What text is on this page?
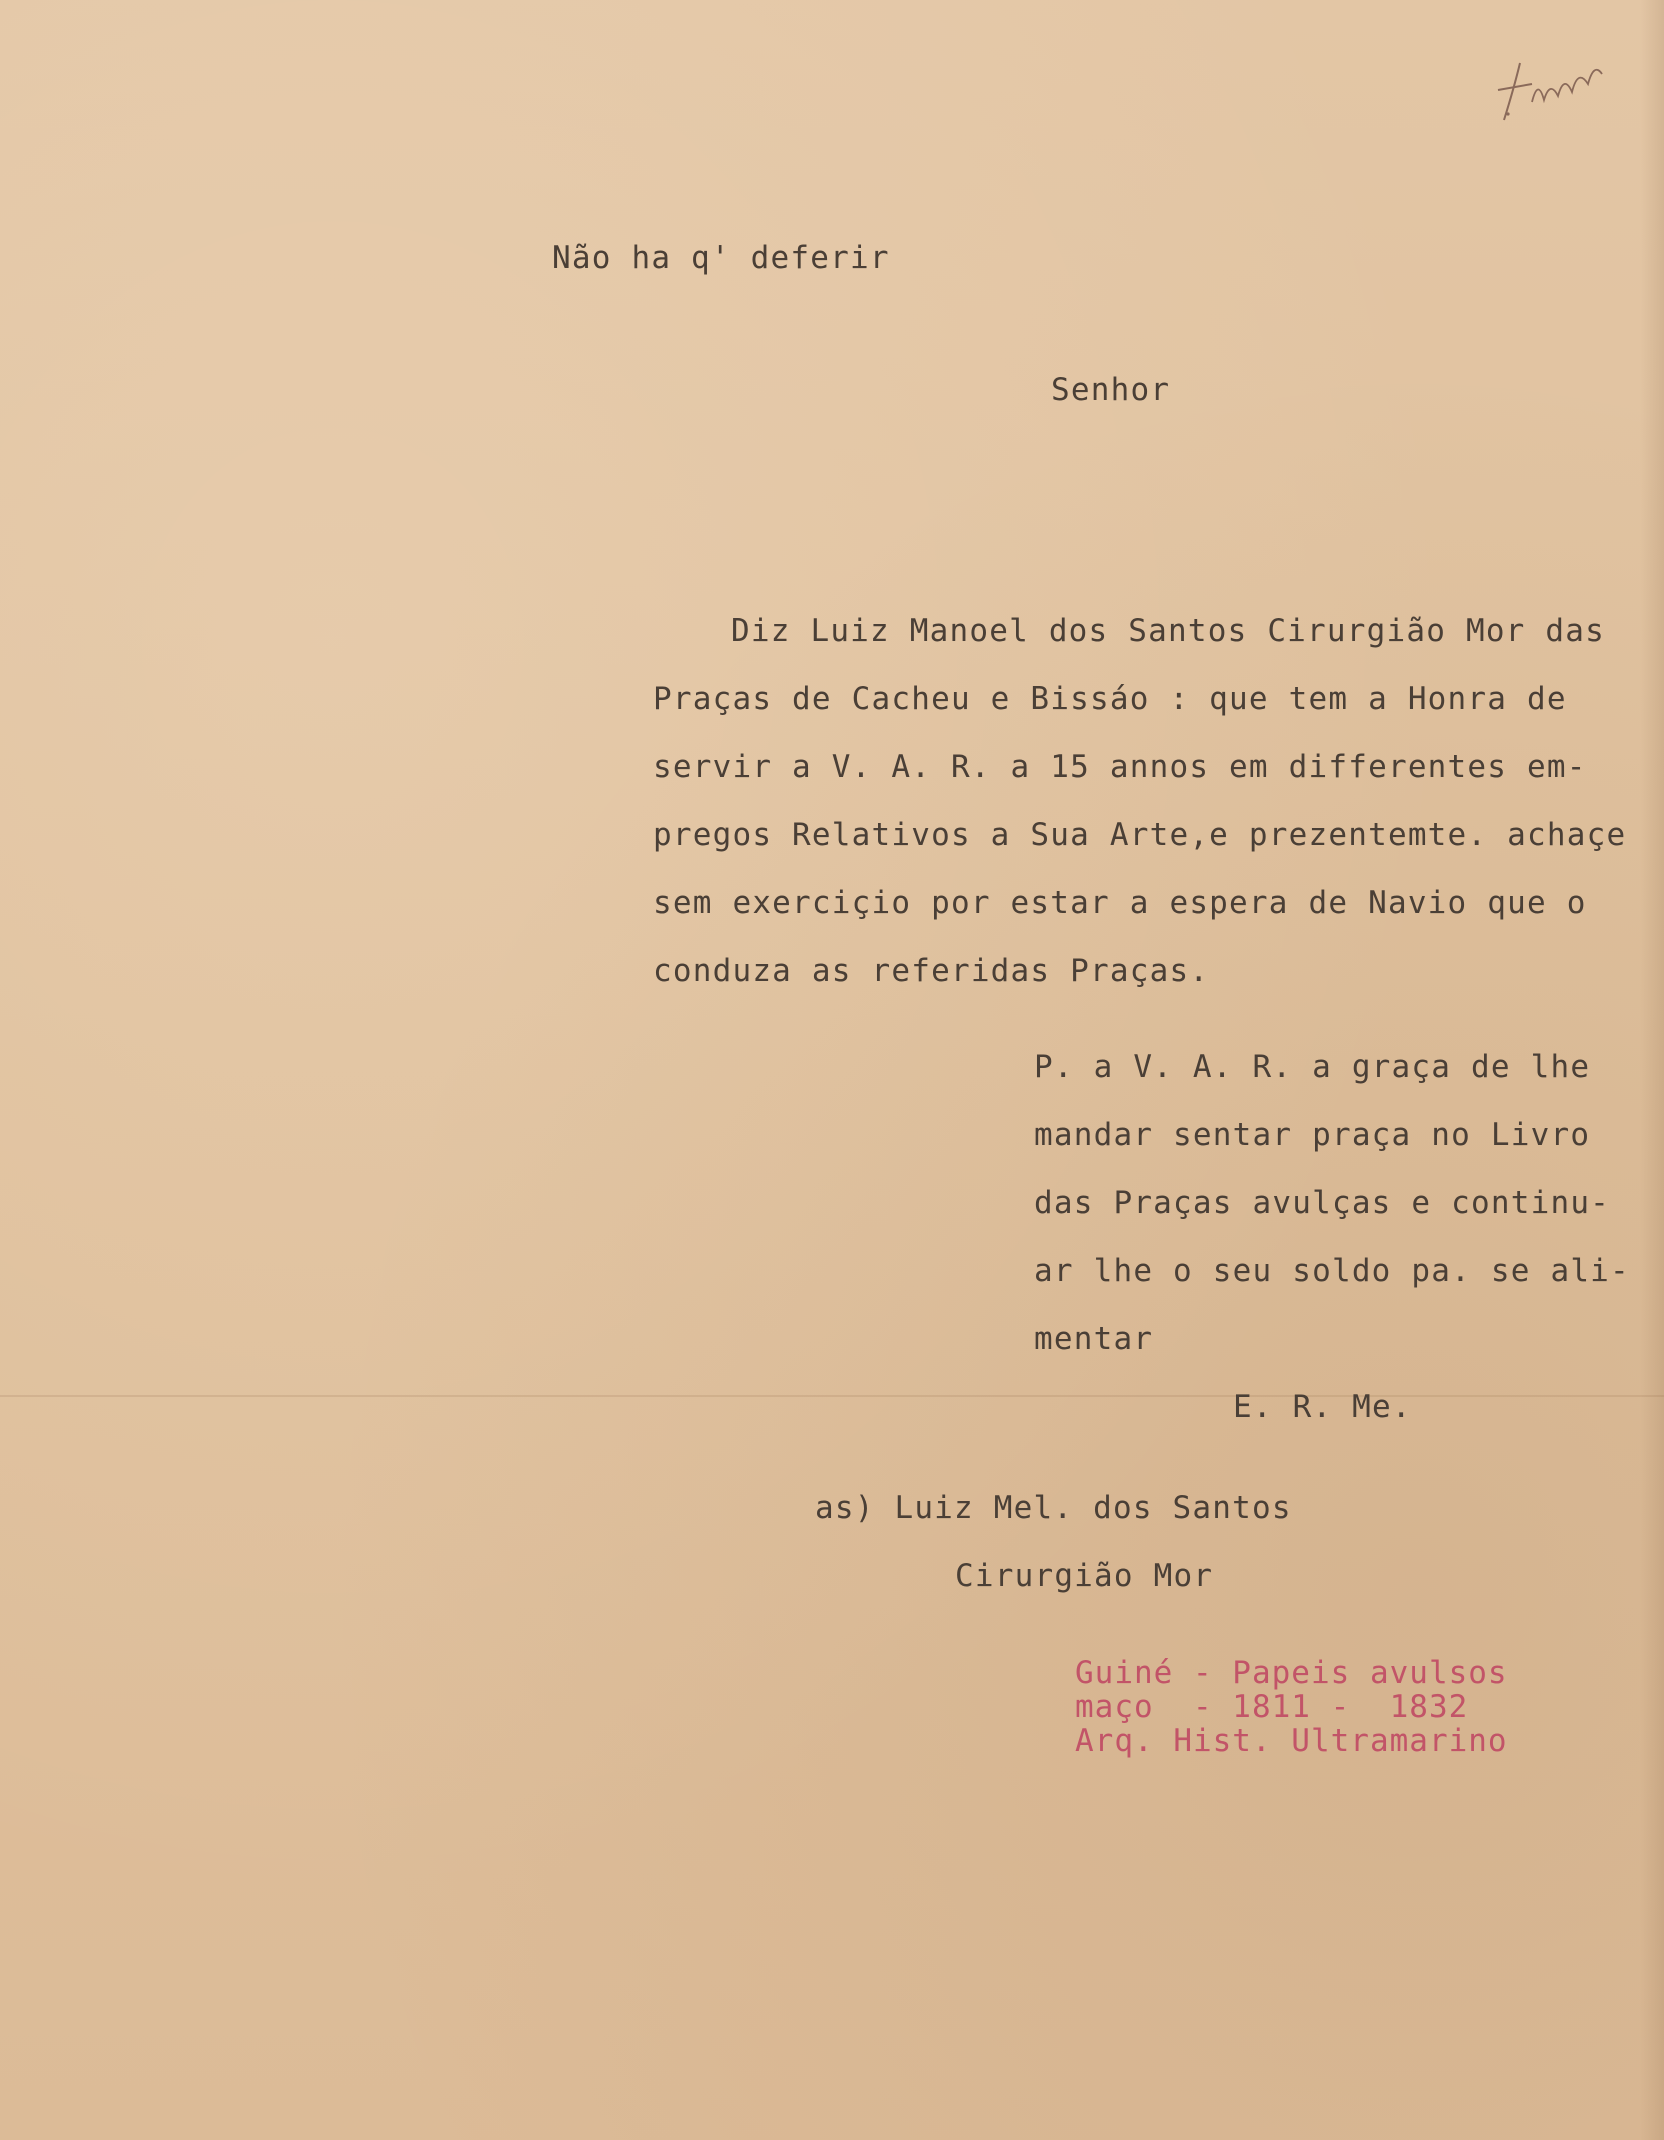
Não ha q' deferir
Senhor
Diz Luiz Manoel dos Santos Cirurgião Mor das
Praças de Cacheu e Bissáo : que tem a Honra de
servir a V. A. R. a 15 annos em differentes em-
pregos Relativos a Sua Arte,e prezentemte. achaçe
sem exerciçio por estar a espera de Navio que o
conduza as referidas Praças.
P. a V. A. R. a graça de lhe
mandar sentar praça no Livro
das Praças avulças e continu-
ar lhe o seu soldo pa. se ali-
mentar
E. R. Me.
as) Luiz Mel. dos Santos
Cirurgião Mor
Guiné - Papeis avulsos
maço  - 1811 -  1832
Arq. Hist. Ultramarino
